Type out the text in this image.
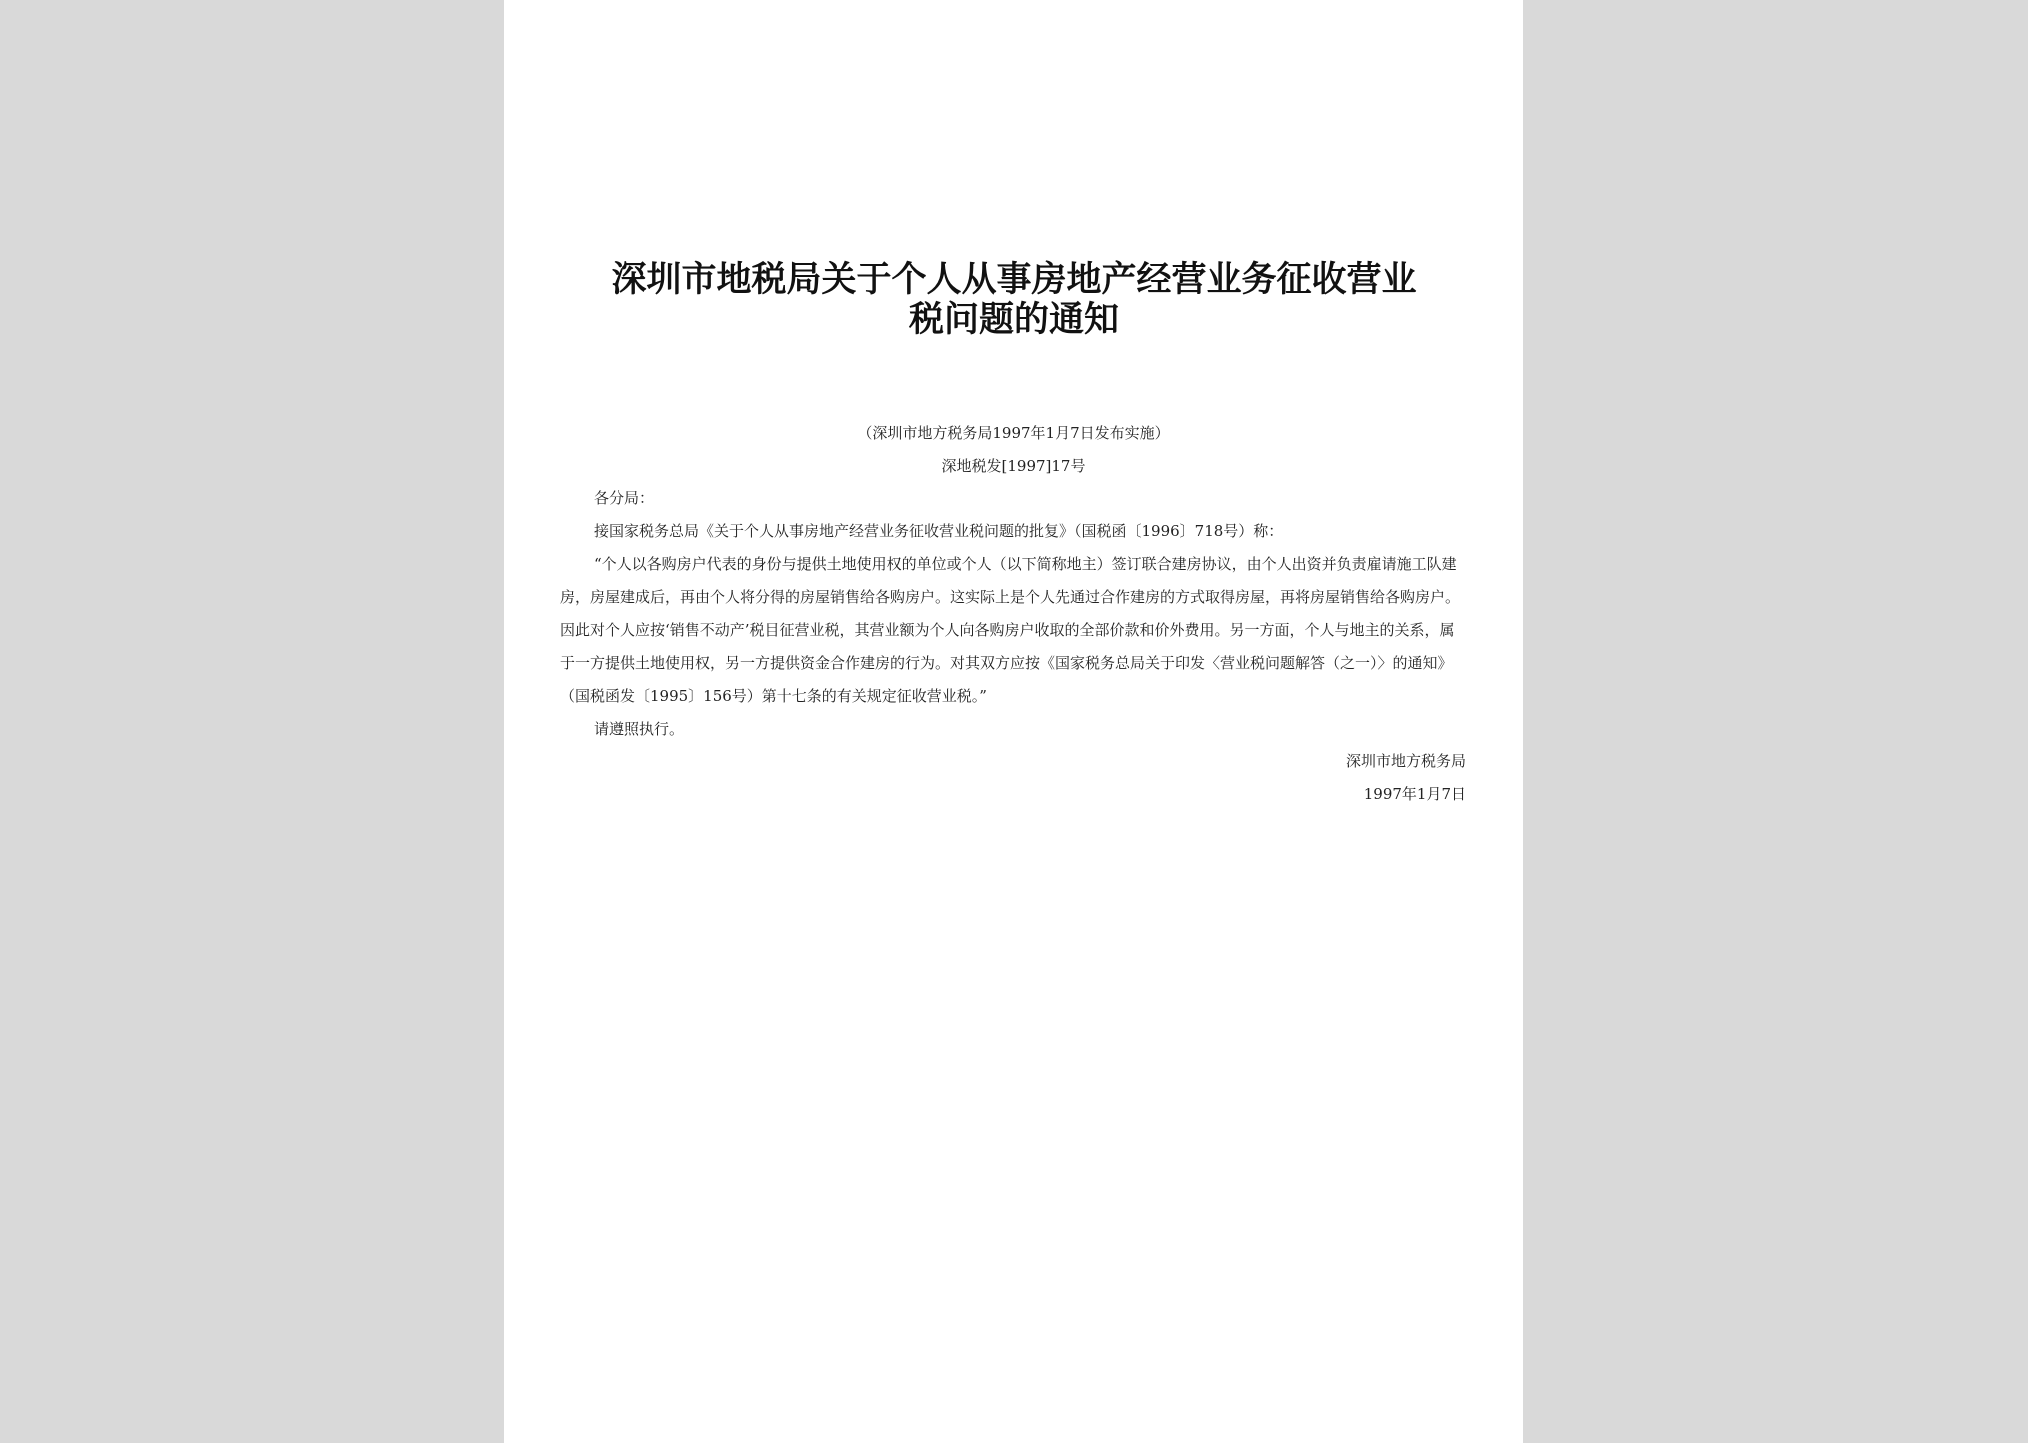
深圳市地税局关于个人从事房地产经营业务征收营业
税问题的通知

（深圳市地方税务局1997年1月7日发布实施）

深地税发[1997]17号

各分局：

接国家税务总局《关于个人从事房地产经营业务征收营业税问题的批复》（国税函〔1996〕718号）称：

“个人以各购房户代表的身份与提供土地使用权的单位或个人（以下简称地主）签订联合建房协议，由个人出资并负责雇请施工队建房，房屋建成后，再由个人将分得的房屋销售给各购房户。这实际上是个人先通过合作建房的方式取得房屋，再将房屋销售给各购房户。因此对个人应按‘销售不动产’税目征营业税，其营业额为个人向各购房户收取的全部价款和价外费用。另一方面，个人与地主的关系，属于一方提供土地使用权，另一方提供资金合作建房的行为。对其双方应按《国家税务总局关于印发〈营业税问题解答（之一）〉的通知》（国税函发〔1995〕156号）第十七条的有关规定征收营业税。”

请遵照执行。

深圳市地方税务局

1997年1月7日
